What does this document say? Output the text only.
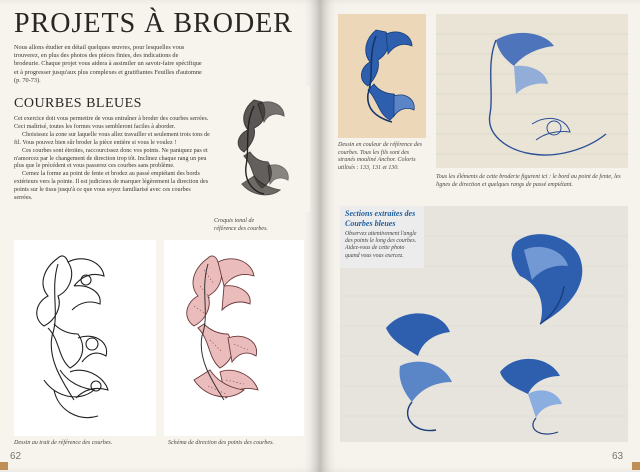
PROJETS À BRODER

Nous allons étudier en détail quelques œuvres, pour lesquelles vous trouverez, en plus des photos des pièces finies, des indications de brodeurie. Chaque projet vous aidera à assimiler un savoir-faire spécifique et à progresser jusqu'aux plus complexes et gratifiantes Feuilles d'automne (p. 70-73).

COURBES BLEUES

Cet exercice doit vous permettre de vous entraîner à broder des courbes serrées. Ceci maîtrisé, toutes les formes vous sembleront faciles à aborder.

Choisissez la zone sur laquelle vous allez travailler et seulement trois tons de fil. Vous pouvez bien sûr broder la pièce entière si vous le voulez !

Ces courbes sont étroites, raccourcissez donc vos points. Ne paniquez pas et n'amorcez par le changement de direction trop tôt. Inclinez chaque rang un peu plus que le précédent et vous passerez ces courbes sans problème.

Cernez la forme au point de fente et brodez au passé empiétant des bords extérieurs vers la pointe. Il est judicieux de marquer légèrement la direction des points sur le tissu jusqu'à ce que vous soyez familiarisé avec ces courbes serrées.

Croquis tonal de référence des courbes.

Dessin au trait de référence des courbes.	Schéma de direction des points des courbes.

62

Dessin en couleur de référence des courbes. Tous les fils sont des stranés mouliné Anchor. Coloris utilisés : 133, 131 et 130.

Tous les éléments de cette broderie figurent ici : le bord au point de fente, les lignes de direction et quelques rangs de passé empiétant.

Sections extraites des Courbes bleues

Observez attentivement l'angle des points le long des courbes. Aidez-vous de cette photo quand vous vous exercez.

63
